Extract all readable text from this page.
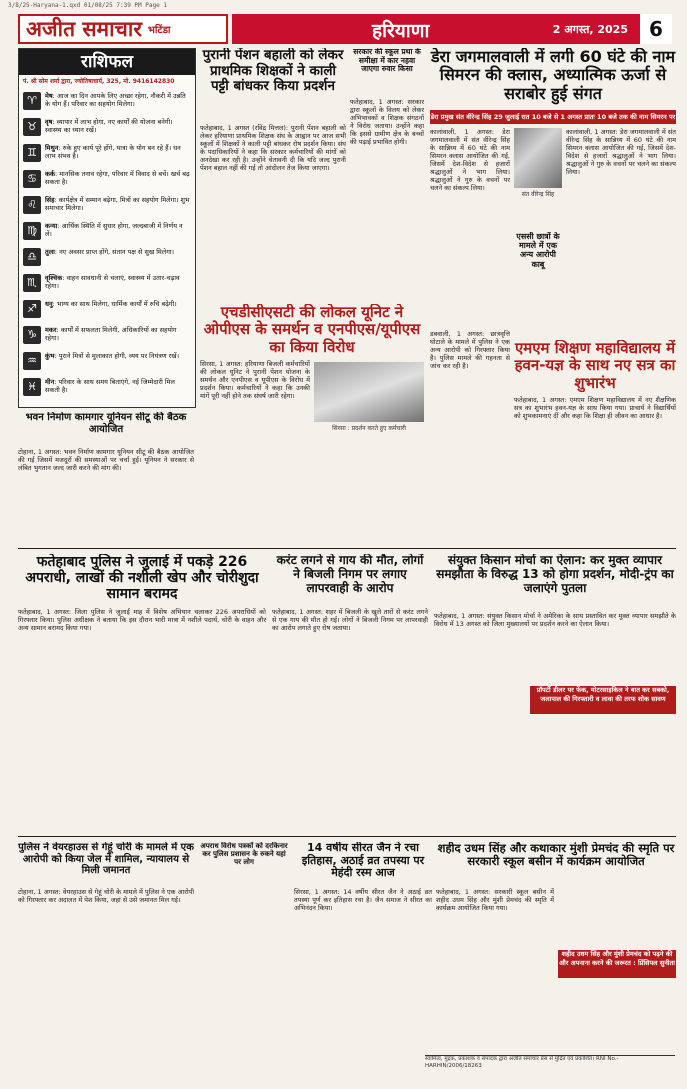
3/8/25-Haryana-1.qxd 01/08/25 7:39 PM Page 1
अजीत समाचार भटिंडा	हरियाणा	2 अगस्त, 2025	6
राशिफल
पं. श्री सोम शर्मा द्वारा, ज्योतिषाचार्य, 325, मो. 9416142830
♈	मेष: आज का दिन आपके लिए अच्छा रहेगा, नौकरी में उन्नति के योग हैं। परिवार का सहयोग मिलेगा।
♉	वृष: व्यापार में लाभ होगा, नए कार्यों की योजना बनेगी। स्वास्थ्य का ध्यान रखें।
♊	मिथुन: रुके हुए कार्य पूरे होंगे, यात्रा के योग बन रहे हैं। धन लाभ संभव है।
♋	कर्क: मानसिक तनाव रहेगा, परिवार में विवाद से बचें। खर्च बढ़ सकता है।
♌	सिंह: कार्यक्षेत्र में सम्मान बढ़ेगा, मित्रों का सहयोग मिलेगा। शुभ समाचार मिलेगा।
♍	कन्या: आर्थिक स्थिति में सुधार होगा, जल्दबाजी में निर्णय न लें।
♎	तुला: नए अवसर प्राप्त होंगे, संतान पक्ष से सुख मिलेगा।
♏	वृश्चिक: वाहन सावधानी से चलाएं, स्वास्थ्य में उतार-चढ़ाव रहेगा।
♐	धनु: भाग्य का साथ मिलेगा, धार्मिक कार्यों में रुचि बढ़ेगी।
♑	मकर: कार्यों में सफलता मिलेगी, अधिकारियों का सहयोग रहेगा।
♒	कुंभ: पुराने मित्रों से मुलाकात होगी, व्यय पर नियंत्रण रखें।
♓	मीन: परिवार के साथ समय बिताएंगे, नई जिम्मेदारी मिल सकती है।
पुरानी पेंशन बहाली को लेकर प्राथमिक शिक्षकों ने काली पट्टी बांधकर किया प्रदर्शन
फतेहाबाद, 1 अगस्त (रविंद्र मित्तल): पुरानी पेंशन बहाली को लेकर हरियाणा प्राथमिक शिक्षक संघ के आह्वान पर आज सभी स्कूलों में शिक्षकों ने काली पट्टी बांधकर रोष प्रदर्शन किया। संघ के पदाधिकारियों ने कहा कि सरकार कर्मचारियों की मांगों को अनदेखा कर रही है। उन्होंने चेतावनी दी कि यदि जल्द पुरानी पेंशन बहाल नहीं की गई तो आंदोलन तेज किया जाएगा।
सरकार की स्कूल प्रथा के समीक्षा में कार नहवा जाएगा रुवार किसा
फतेहाबाद, 1 अगस्त: सरकार द्वारा स्कूलों के विलय को लेकर अभिभावकों व शिक्षक संगठनों ने विरोध जताया। उन्होंने कहा कि इससे ग्रामीण क्षेत्र के बच्चों की पढ़ाई प्रभावित होगी।
डेरा जगमालवाली में लगी 60 घंटे की नाम सिमरन की क्लास, अध्यात्मिक ऊर्जा से सराबोर हुई संगत
डेरा प्रमुख संत वीरेन्द्र सिंह 29 जुलाई रात 10 बजे से 1 अगस्त प्रातः 10 बजे तक की नाम सिमरन पर
कालांवाली, 1 अगस्त: डेरा जगमालवाली में संत वीरेन्द्र सिंह के सान्निध्य में 60 घंटे की नाम सिमरन क्लास आयोजित की गई, जिसमें देश-विदेश से हजारों श्रद्धालुओं ने भाग लिया। श्रद्धालुओं ने गुरु के वचनों पर चलने का संकल्प लिया।
संत वीरेन्द्र सिंह
कालांवाली, 1 अगस्त: डेरा जगमालवाली में संत वीरेन्द्र सिंह के सान्निध्य में 60 घंटे की नाम सिमरन क्लास आयोजित की गई, जिसमें देश-विदेश से हजारों श्रद्धालुओं ने भाग लिया। श्रद्धालुओं ने गुरु के वचनों पर चलने का संकल्प लिया।
एससी छात्रों के मामले में एक अन्य आरोपी काबू
एमएम शिक्षण महाविद्यालय में हवन-यज्ञ के साथ नए सत्र का शुभारंभ
फतेहाबाद, 1 अगस्त: एमएम शिक्षण महाविद्यालय में नए शैक्षणिक सत्र का शुभारंभ हवन-यज्ञ के साथ किया गया। प्राचार्य ने विद्यार्थियों को शुभकामनाएं दीं और कहा कि शिक्षा ही जीवन का आधार है।
डबवाली, 1 अगस्त: छात्रवृत्ति घोटाले के मामले में पुलिस ने एक अन्य आरोपी को गिरफ्तार किया है। पुलिस मामले की गहनता से जांच कर रही है।
एचडीसीएसटी की लोकल यूनिट ने ओपीएस के समर्थन व एनपीएस/यूपीएस का किया विरोध
सिरसा, 1 अगस्त: हरियाणा बिजली कर्मचारियों की लोकल यूनिट ने पुरानी पेंशन योजना के समर्थन और एनपीएस व यूपीएस के विरोध में प्रदर्शन किया। कर्मचारियों ने कहा कि उनकी मांगें पूरी नहीं होने तक संघर्ष जारी रहेगा।
सिरसा : प्रदर्शन करते हुए कर्मचारी
भवन निर्माण कामगार यूनियन सीटू की बैठक आयोजित
टोहाना, 1 अगस्त: भवन निर्माण कामगार यूनियन सीटू की बैठक आयोजित की गई जिसमें मजदूरों की समस्याओं पर चर्चा हुई। यूनियन ने सरकार से लंबित भुगतान जल्द जारी करने की मांग की।
फतेहाबाद पुलिस ने जुलाई में पकड़े 226 अपराधी, लाखों की नशीली खेप और चोरीशुदा सामान बरामद
फतेहाबाद, 1 अगस्त: जिला पुलिस ने जुलाई माह में विशेष अभियान चलाकर 226 अपराधियों को गिरफ्तार किया। पुलिस अधीक्षक ने बताया कि इस दौरान भारी मात्रा में नशीले पदार्थ, चोरी के वाहन और अन्य सामान बरामद किया गया।
करंट लगने से गाय की मौत, लोगों ने बिजली निगम पर लगाए लापरवाही के आरोप
फतेहाबाद, 1 अगस्त: शहर में बिजली के खुले तारों से करंट लगने से एक गाय की मौत हो गई। लोगों ने बिजली निगम पर लापरवाही का आरोप लगाते हुए रोष जताया।
संयुक्त किसान मोर्चा का ऐलान: कर मुक्त व्यापार समझौता के विरुद्ध 13 को होगा प्रदर्शन, मोदी-ट्रंप का जलाएंगे पुतला
फतेहाबाद, 1 अगस्त: संयुक्त किसान मोर्चा ने अमेरिका के साथ प्रस्तावित कर मुक्त व्यापार समझौते के विरोध में 13 अगस्त को जिला मुख्यालयों पर प्रदर्शन करने का ऐलान किया।
प्रॉपर्टी डीलर पर फेंक, मोटरसाइकिल ने बात कर सबको, जलापाल की गिरफ्तारी व लावा की तरफ शोक सावण
पुलिस ने वेयरहाउस से गेहूं चोरी के मामले में एक आरोपी को किया जेल में शामिल, न्यायालय से मिली जमानत
टोहाना, 1 अगस्त: वेयरहाउस से गेहूं चोरी के मामले में पुलिस ने एक आरोपी को गिरफ्तार कर अदालत में पेश किया, जहां से उसे जमानत मिल गई।
अपराध विरोध पत्रकों को दरकिनार कर पुलिस प्रशासन के रुकने यहां पर लोग
14 वर्षीय सीरत जैन ने रचा इतिहास, अठाई व्रत तपस्या पर मेहंदी रस्म आज
सिरसा, 1 अगस्त: 14 वर्षीय सीरत जैन ने अठाई व्रत तपस्या पूर्ण कर इतिहास रचा है। जैन समाज ने सीरत का अभिनंदन किया।
शहीद उधम सिंह और कथाकार मुंशी प्रेमचंद की स्मृति पर सरकारी स्कूल बसीन में कार्यक्रम आयोजित
फतेहाबाद, 1 अगस्त: सरकारी स्कूल बसीन में शहीद उधम सिंह और मुंशी प्रेमचंद की स्मृति में कार्यक्रम आयोजित किया गया।
शहीद उधम सिंह और मुंशी प्रेमचंद को पढ़ने की और अपनाना करने की जरूरत : प्रिंसिपल सुनीता
स्वामित्व, मुद्रक, प्रकाशक व संपादक द्वारा अजीत समाचार प्रेस से मुद्रित एवं प्रकाशित। RNI No.- HARHIN/2006/18263
